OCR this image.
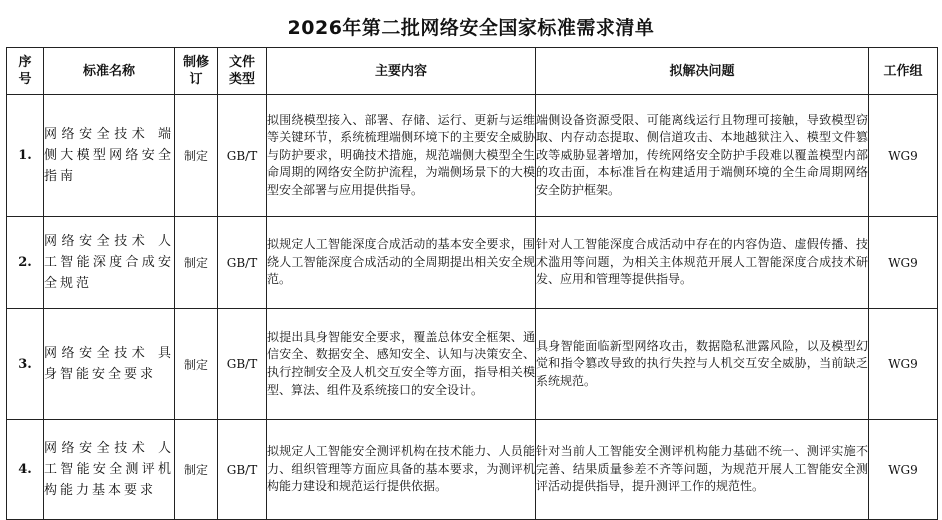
2026年第二批网络安全国家标准需求清单
序号	标准名称	制修订	文件类型	主要内容	拟解决问题	工作组
1.	网络安全技术 端侧大模型网络安全指南	制定	GB/T	拟围绕模型接入、部署、存储、运行、更新与运维等关键环节，系统梳理端侧环境下的主要安全威胁与防护要求，明确技术措施，规范端侧大模型全生命周期的网络安全防护流程，为端侧场景下的大模型安全部署与应用提供指导。	端侧设备资源受限、可能离线运行且物理可接触，导致模型窃取、内存动态提取、侧信道攻击、本地越狱注入、模型文件篡改等威胁显著增加，传统网络安全防护手段难以覆盖模型内部的攻击面，本标准旨在构建适用于端侧环境的全生命周期网络安全防护框架。	WG9
2.	网络安全技术 人工智能深度合成安全规范	制定	GB/T	拟规定人工智能深度合成活动的基本安全要求，围绕人工智能深度合成活动的全周期提出相关安全规范。	针对人工智能深度合成活动中存在的内容伪造、虚假传播、技术滥用等问题，为相关主体规范开展人工智能深度合成技术研发、应用和管理等提供指导。	WG9
3.	网络安全技术 具身智能安全要求	制定	GB/T	拟提出具身智能安全要求，覆盖总体安全框架、通信安全、数据安全、感知安全、认知与决策安全、执行控制安全及人机交互安全等方面，指导相关模型、算法、组件及系统接口的安全设计。	具身智能面临新型网络攻击，数据隐私泄露风险，以及模型幻觉和指令篡改导致的执行失控与人机交互安全威胁，当前缺乏系统规范。	WG9
4.	网络安全技术 人工智能安全测评机构能力基本要求	制定	GB/T	拟规定人工智能安全测评机构在技术能力、人员能力、组织管理等方面应具备的基本要求，为测评机构能力建设和规范运行提供依据。	针对当前人工智能安全测评机构能力基础不统一、测评实施不完善、结果质量参差不齐等问题，为规范开展人工智能安全测评活动提供指导，提升测评工作的规范性。	WG9
